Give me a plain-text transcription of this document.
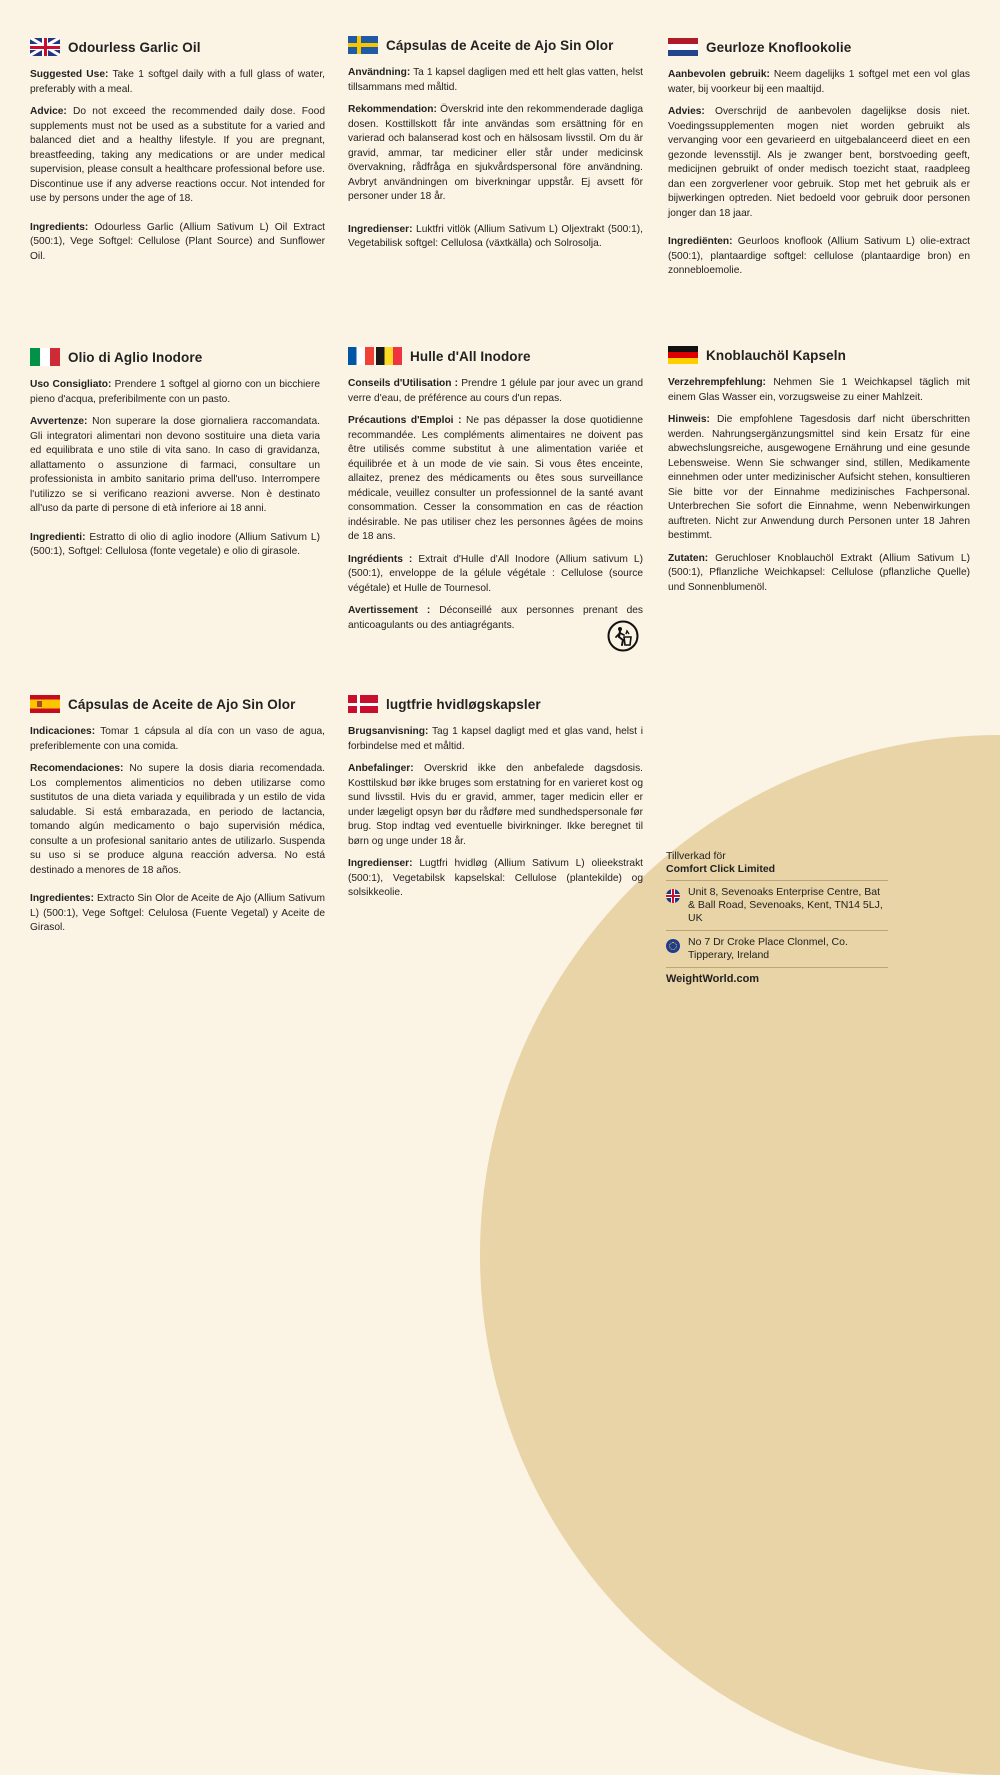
Odourless Garlic Oil

Suggested Use: Take 1 softgel daily with a full glass of water, preferably with a meal.

Advice: Do not exceed the recommended daily dose. Food supplements must not be used as a substitute for a varied and balanced diet and a healthy lifestyle. If you are pregnant, breastfeeding, taking any medications or are under medical supervision, please consult a healthcare professional before use. Discontinue use if any adverse reactions occur. Not intended for use by persons under the age of 18.

Ingredients: Odourless Garlic (Allium Sativum L) Oil Extract (500:1), Vege Softgel: Cellulose (Plant Source) and Sunflower Oil.

Cápsulas de Aceite de Ajo Sin Olor

Användning: Ta 1 kapsel dagligen med ett helt glas vatten, helst tillsammans med måltid.

Rekommendation: Överskrid inte den rekommenderade dagliga dosen. Kosttillskott får inte användas som ersättning för en varierad och balanserad kost och en hälsosam livsstil. Om du är gravid, ammar, tar mediciner eller står under medicinsk övervakning, rådfråga en sjukvårdspersonal före användning. Avbryt användningen om biverkningar uppstår. Ej avsett för personer under 18 år.

Ingredienser: Luktfri vitlök (Allium Sativum L) Oljextrakt (500:1), Vegetabilisk softgel: Cellulosa (växtkälla) och Solrosolja.

Geurloze Knoflookolie

Aanbevolen gebruik: Neem dagelijks 1 softgel met een vol glas water, bij voorkeur bij een maaltijd.

Advies: Overschrijd de aanbevolen dagelijkse dosis niet. Voedingssupplementen mogen niet worden gebruikt als vervanging voor een gevarieerd en uitgebalanceerd dieet en een gezonde levensstijl. Als je zwanger bent, borstvoeding geeft, medicijnen gebruikt of onder medisch toezicht staat, raadpleeg dan een zorgverlener voor gebruik. Stop met het gebruik als er bijwerkingen optreden. Niet bedoeld voor gebruik door personen jonger dan 18 jaar.

Ingrediënten: Geurloos knoflook (Allium Sativum L) olie-extract (500:1), plantaardige softgel: cellulose (plantaardige bron) en zonnebloemolie.

Olio di Aglio Inodore

Uso Consigliato: Prendere 1 softgel al giorno con un bicchiere pieno d'acqua, preferibilmente con un pasto.

Avvertenze: Non superare la dose giornaliera raccomandata. Gli integratori alimentari non devono sostituire una dieta varia ed equilibrata e uno stile di vita sano. In caso di gravidanza, allattamento o assunzione di farmaci, consultare un professionista in ambito sanitario prima dell'uso. Interrompere l'utilizzo se si verificano reazioni avverse. Non è destinato all'uso da parte di persone di età inferiore ai 18 anni.

Ingredienti: Estratto di olio di aglio inodore (Allium Sativum L) (500:1), Softgel: Cellulosa (fonte vegetale) e olio di girasole.

Hulle d'All Inodore

Conseils d'Utilisation : Prendre 1 gélule par jour avec un grand verre d'eau, de préférence au cours d'un repas.

Précautions d'Emploi : Ne pas dépasser la dose quotidienne recommandée. Les compléments alimentaires ne doivent pas être utilisés comme substitut à une alimentation variée et équilibrée et à un mode de vie sain. Si vous êtes enceinte, allaitez, prenez des médicaments ou êtes sous surveillance médicale, veuillez consulter un professionnel de la santé avant consommation. Cesser la consommation en cas de réaction indésirable. Ne pas utiliser chez les personnes âgées de moins de 18 ans.

Ingrédients : Extrait d'Hulle d'All Inodore (Allium sativum L) (500:1), enveloppe de la gélule végétale : Cellulose (source végétale) et Hulle de Tournesol.

Avertissement : Déconseillé aux personnes prenant des anticoagulants ou des antiagrégants.

Knoblauchöl Kapseln

Verzehrempfehlung: Nehmen Sie 1 Weichkapsel täglich mit einem Glas Wasser ein, vorzugsweise zu einer Mahlzeit.

Hinweis: Die empfohlene Tagesdosis darf nicht überschritten werden. Nahrungsergänzungsmittel sind kein Ersatz für eine abwechslungsreiche, ausgewogene Ernährung und eine gesunde Lebensweise. Wenn Sie schwanger sind, stillen, Medikamente einnehmen oder unter medizinischer Aufsicht stehen, konsultieren Sie bitte vor der Einnahme medizinisches Fachpersonal. Unterbrechen Sie sofort die Einnahme, wenn Nebenwirkungen auftreten. Nicht zur Anwendung durch Personen unter 18 Jahren bestimmt.

Zutaten: Geruchloser Knoblauchöl Extrakt (Allium Sativum L) (500:1), Pflanzliche Weichkapsel: Cellulose (pflanzliche Quelle) und Sonnenblumenöl.

Cápsulas de Aceite de Ajo Sin Olor

Indicaciones: Tomar 1 cápsula al día con un vaso de agua, preferiblemente con una comida.

Recomendaciones: No supere la dosis diaria recomendada. Los complementos alimenticios no deben utilizarse como sustitutos de una dieta variada y equilibrada y un estilo de vida saludable. Si está embarazada, en periodo de lactancia, tomando algún medicamento o bajo supervisión médica, consulte a un profesional sanitario antes de utilizarlo. Suspenda su uso si se produce alguna reacción adversa. No está destinado a menores de 18 años.

Ingredientes: Extracto Sin Olor de Aceite de Ajo (Allium Sativum L) (500:1), Vege Softgel: Celulosa (Fuente Vegetal) y Aceite de Girasol.

lugtfrie hvidløgskapsler

Brugsanvisning: Tag 1 kapsel dagligt med et glas vand, helst i forbindelse med et måltid.

Anbefalinger: Overskrid ikke den anbefalede dagsdosis. Kosttilskud bør ikke bruges som erstatning for en varieret kost og sund livsstil. Hvis du er gravid, ammer, tager medicin eller er under lægeligt opsyn bør du rådføre med sundhedspersonale før brug. Stop indtag ved eventuelle bivirkninger. Ikke beregnet til børn og unge under 18 år.

Ingredienser: Lugtfri hvidløg (Allium Sativum L) olieekstrakt (500:1), Vegetabilsk kapselskal: Cellulose (plantekilde) og solsikkeolie.

Tillverkad för
Comfort Click Limited
Unit 8, Sevenoaks Enterprise Centre, Bat & Ball Road, Sevenoaks, Kent, TN14 5LJ, UK
No 7 Dr Croke Place Clonmel, Co. Tipperary, Ireland
WeightWorld.com
